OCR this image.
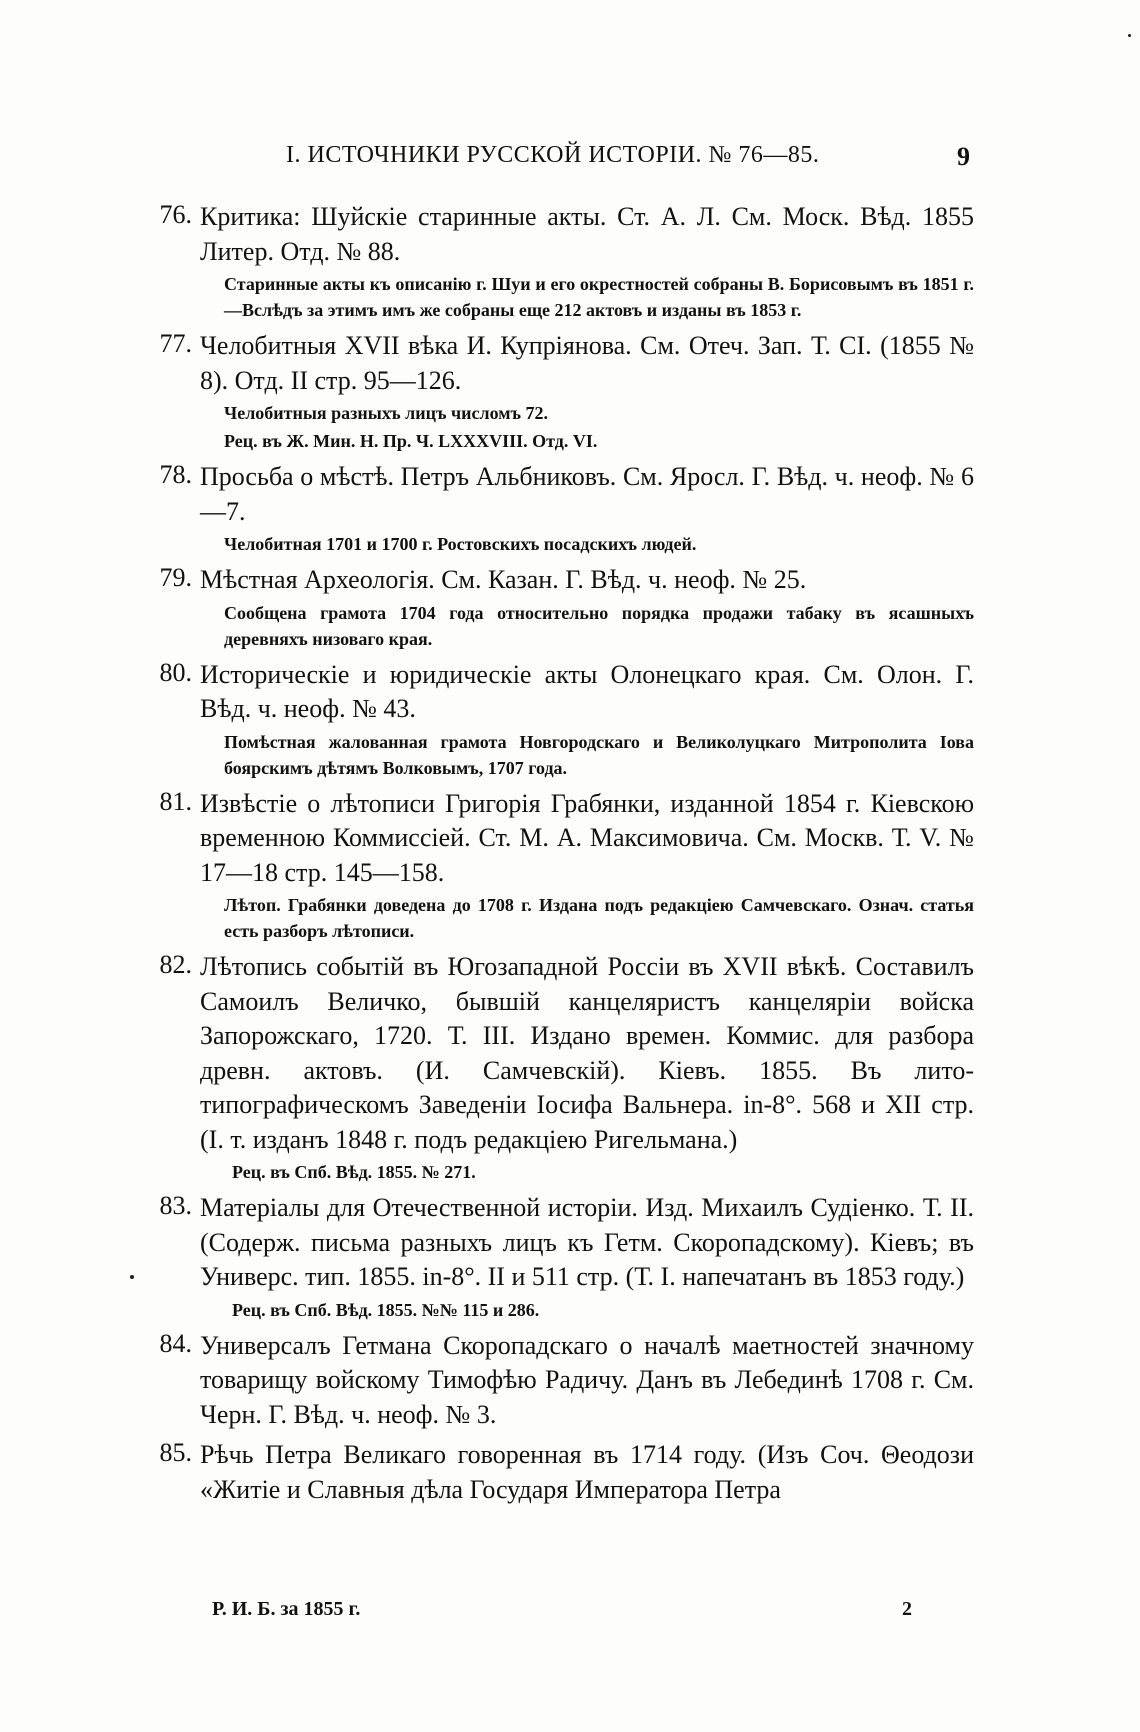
I. ИСТОЧНИКИ РУССКОЙ ИСТОРIИ. № 76—85.	9
76. Критика: Шуйскiе старинные акты. Ст. А. Л. См. Моск. Вѣд. 1855 Литер. Отд. № 88.
Старинные акты къ описанiю г. Шуи и его окрестностей собраны В. Борисовымъ въ 1851 г.—Вслѣдъ за этимъ имъ же собраны еще 212 актовъ и изданы въ 1853 г.
77. Челобитныя XVII вѣка И. Купрiянова. См. Отеч. Зап. Т. CI. (1855 № 8). Отд. II стр. 95—126.
Челобитныя разныхъ лицъ числомъ 72.
Рец. въ Ж. Мин. Н. Пр. Ч. LXXXVIII. Отд. VI.
78. Просьба о мѣстѣ. Петръ Альбниковъ. См. Яросл. Г. Вѣд. ч. неоф. № 6—7.
Челобитная 1701 и 1700 г. Ростовскихъ посадскихъ людей.
79. Мѣстная Археологiя. См. Казан. Г. Вѣд. ч. неоф. № 25.
Сообщена грамота 1704 года относительно порядка продажи табаку въ ясашныхъ деревняхъ низоваго края.
80. Историческiе и юридическiе акты Олонецкаго края. См. Олон. Г. Вѣд. ч. неоф. № 43.
Помѣстная жалованная грамота Новгородскаго и Великолуцкаго Митрополита Iова боярскимъ дѣтямъ Волковымъ, 1707 года.
81. Извѣстiе о лѣтописи Григорiя Грабянки, изданной 1854 г. Кiевскою временною Коммиссiей. Ст. М. А. Максимовича. См. Москв. Т. V. № 17—18 стр. 145—158.
Лѣтоп. Грабянки доведена до 1708 г. Издана подъ редакцiею Самчевскаго. Означ. статья есть разборъ лѣтописи.
82. Лѣтопись событiй въ Югозападной Россiи въ XVII вѣкѣ. Составилъ Самоилъ Величко, бывшiй канцеляристъ канцелярiи войска Запорожскаго, 1720. Т. III. Издано времен. Коммис. для разбора древн. актовъ. (И. Самчевскiй). Кiевъ. 1855. Въ лито-типографическомъ Заведенiи Iосифа Вальнера. in-8°. 568 и XII стр. (I. т. изданъ 1848 г. подъ редакцiею Ригельмана.)
Рец. въ Спб. Вѣд. 1855. № 271.
83. Матерiалы для Отечественной исторiи. Изд. Михаилъ Судiенко. Т. II. (Содерж. письма разныхъ лицъ къ Гетм. Скоропадскому). Кiевъ; въ Универс. тип. 1855. in-8°. II и 511 стр. (Т. I. напечатанъ въ 1853 году.)
Рец. въ Спб. Вѣд. 1855. №№ 115 и 286.
84. Универсалъ Гетмана Скоропадскаго о началѣ маетностей значному товарищу войскому Тимофѣю Радичу. Данъ въ Лебединѣ 1708 г. См. Черн. Г. Вѣд. ч. неоф. № 3.
85. Рѣчь Петра Великаго говоренная въ 1714 году. (Изъ Соч. Θеодози «Житiе и Славныя дѣла Государя Императора Петра
Р. И. Б. за 1855 г.	2
